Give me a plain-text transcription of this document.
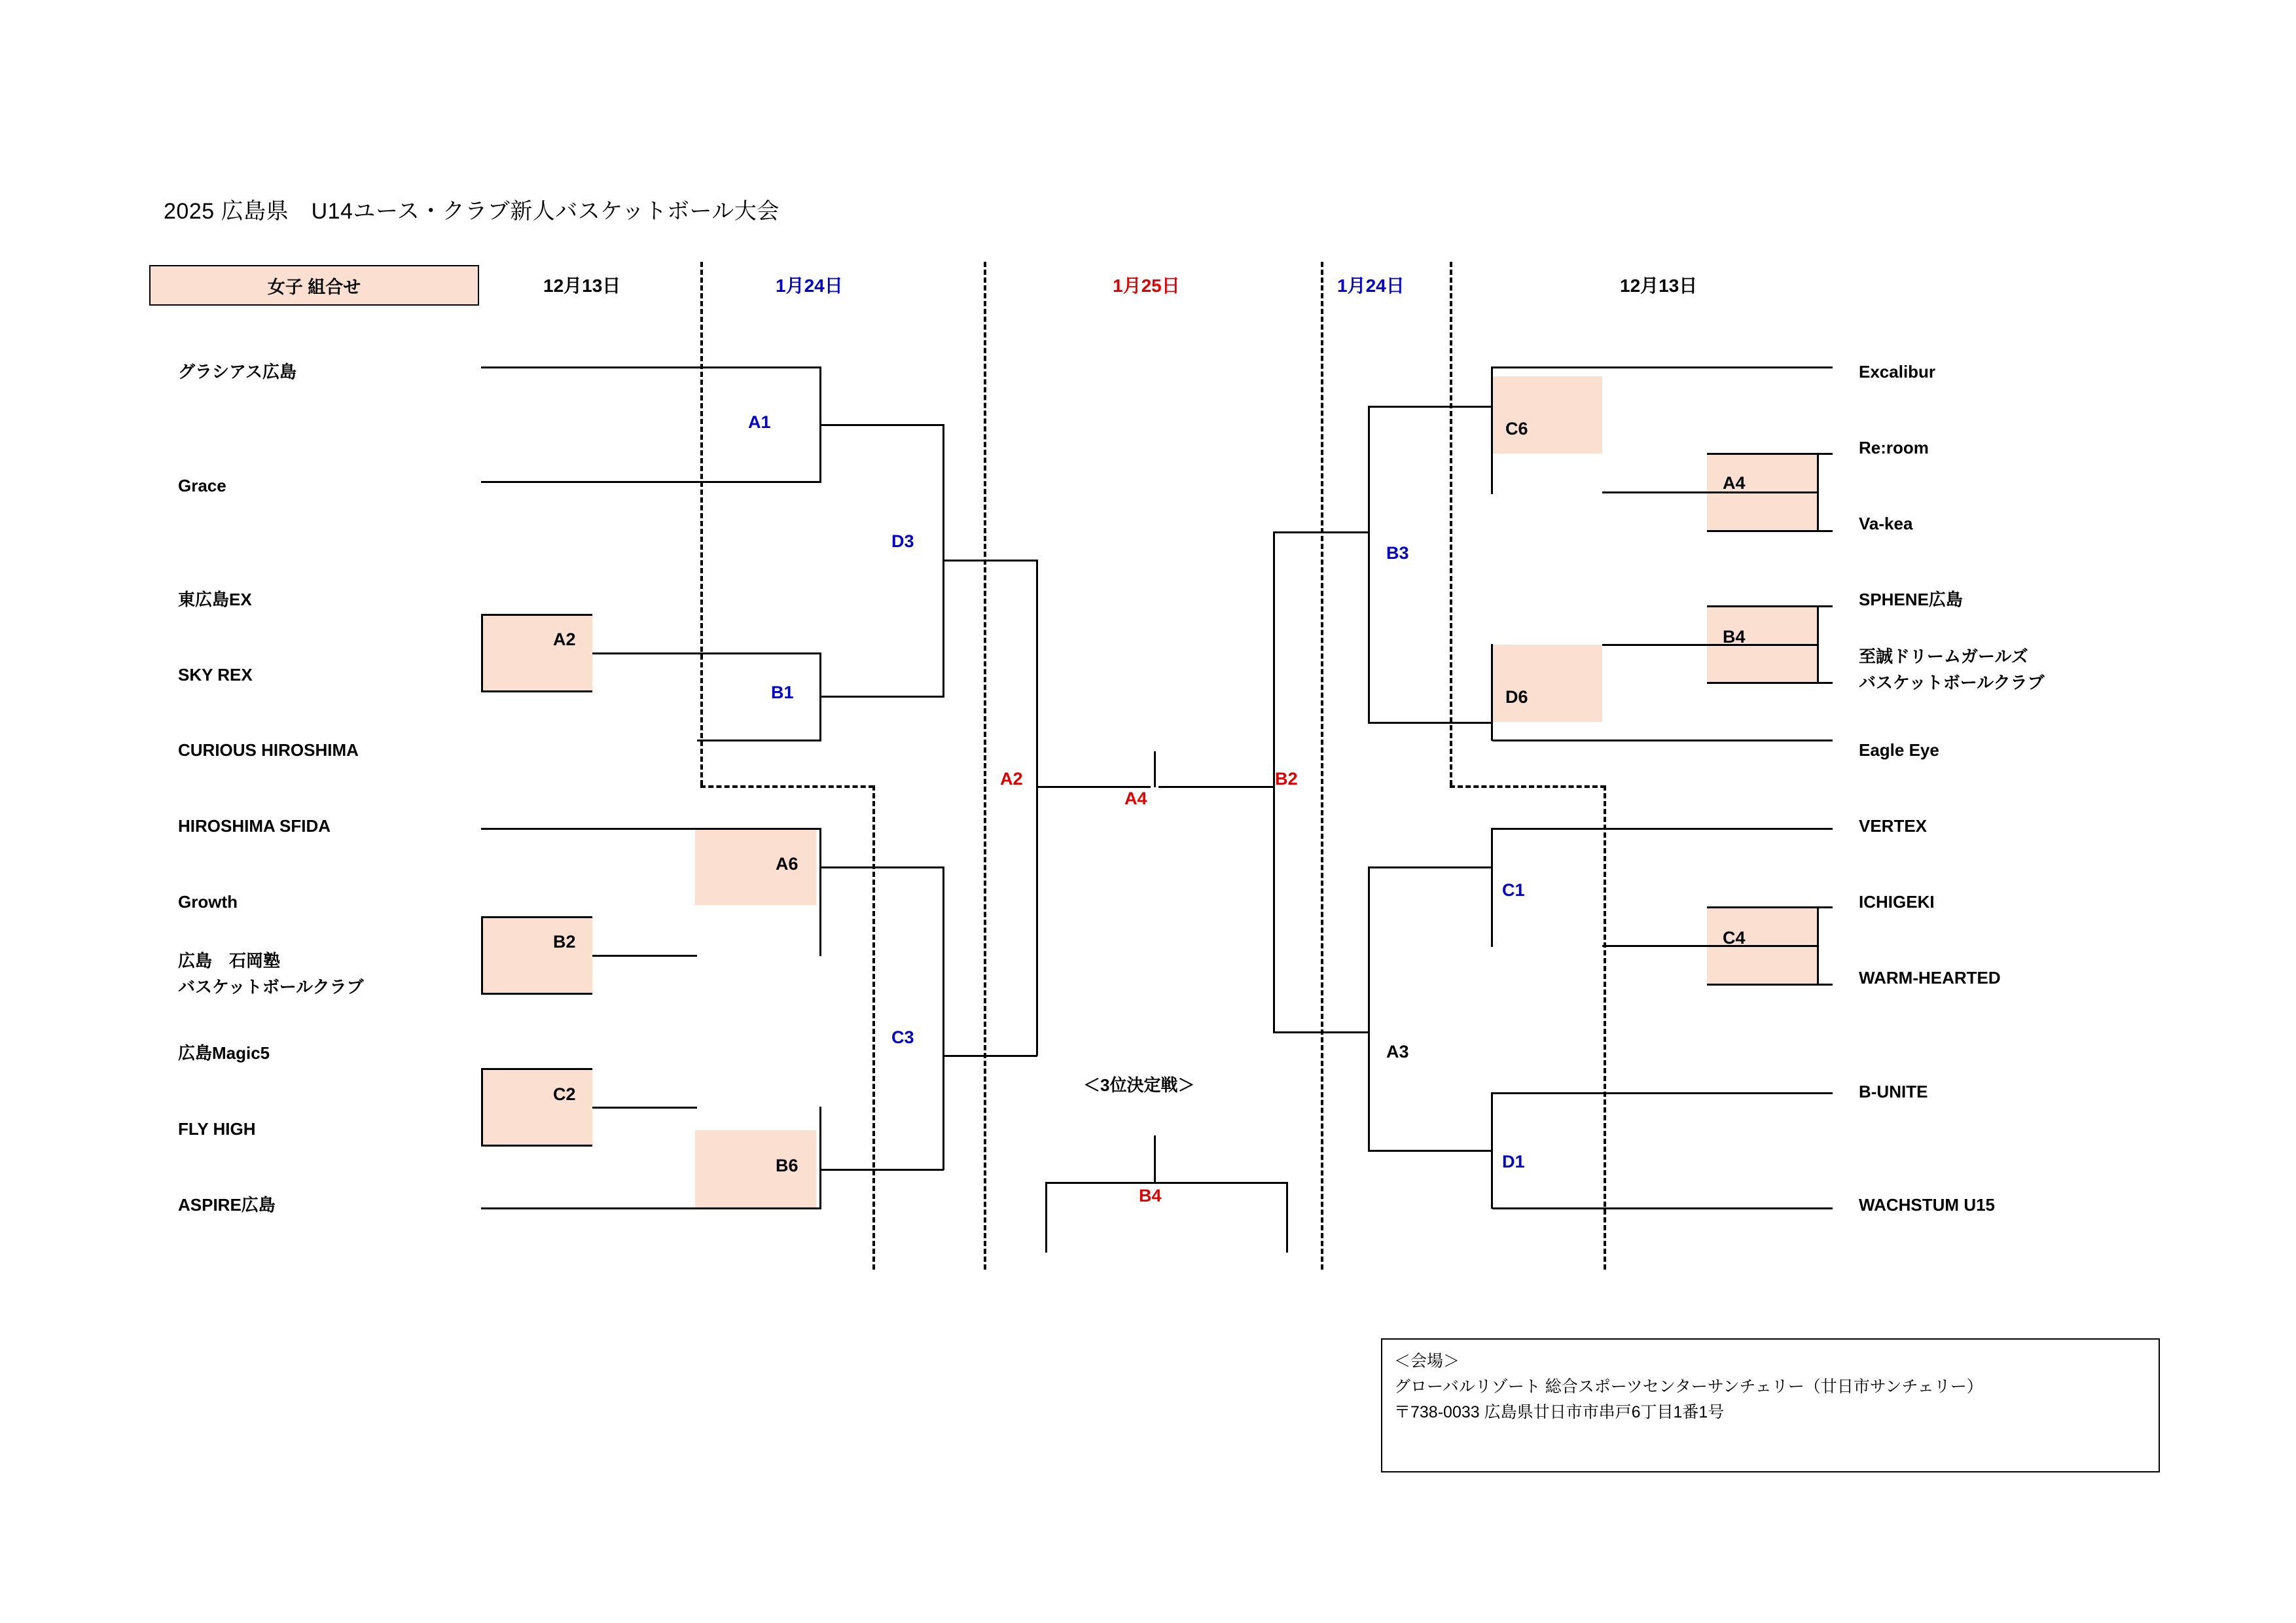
2025 広島県　U14ユース・クラブ新人バスケットボール大会
女子 組合せ	12月13日	1月24日	1月25日	1月24日	12月13日
グラシアス広島
Grace
東広島EX
SKY REX
CURIOUS HIROSHIMA
HIROSHIMA SFIDA
Growth
広島　石岡塾
バスケットボールクラブ
広島Magic5
FLY HIGH
ASPIRE広島
Excalibur
Re:room
Va-kea
SPHENE広島
至誠ドリームガールズ
バスケットボールクラブ
Eagle Eye
VERTEX
ICHIGEKI
WARM-HEARTED
B-UNITE
WACHSTUM U15
＜3位決定戦＞
A1
A2
B1
D3
A6
B2
C2
B6
C3
A2
A4
B2
B4
C6
A4
B3
D6
B4
C1
C4
A3
D1
＜会場＞
グローバルリゾート 総合スポーツセンターサンチェリー（廿日市サンチェリー）
〒738-0033 広島県廿日市市串戸6丁目1番1号
